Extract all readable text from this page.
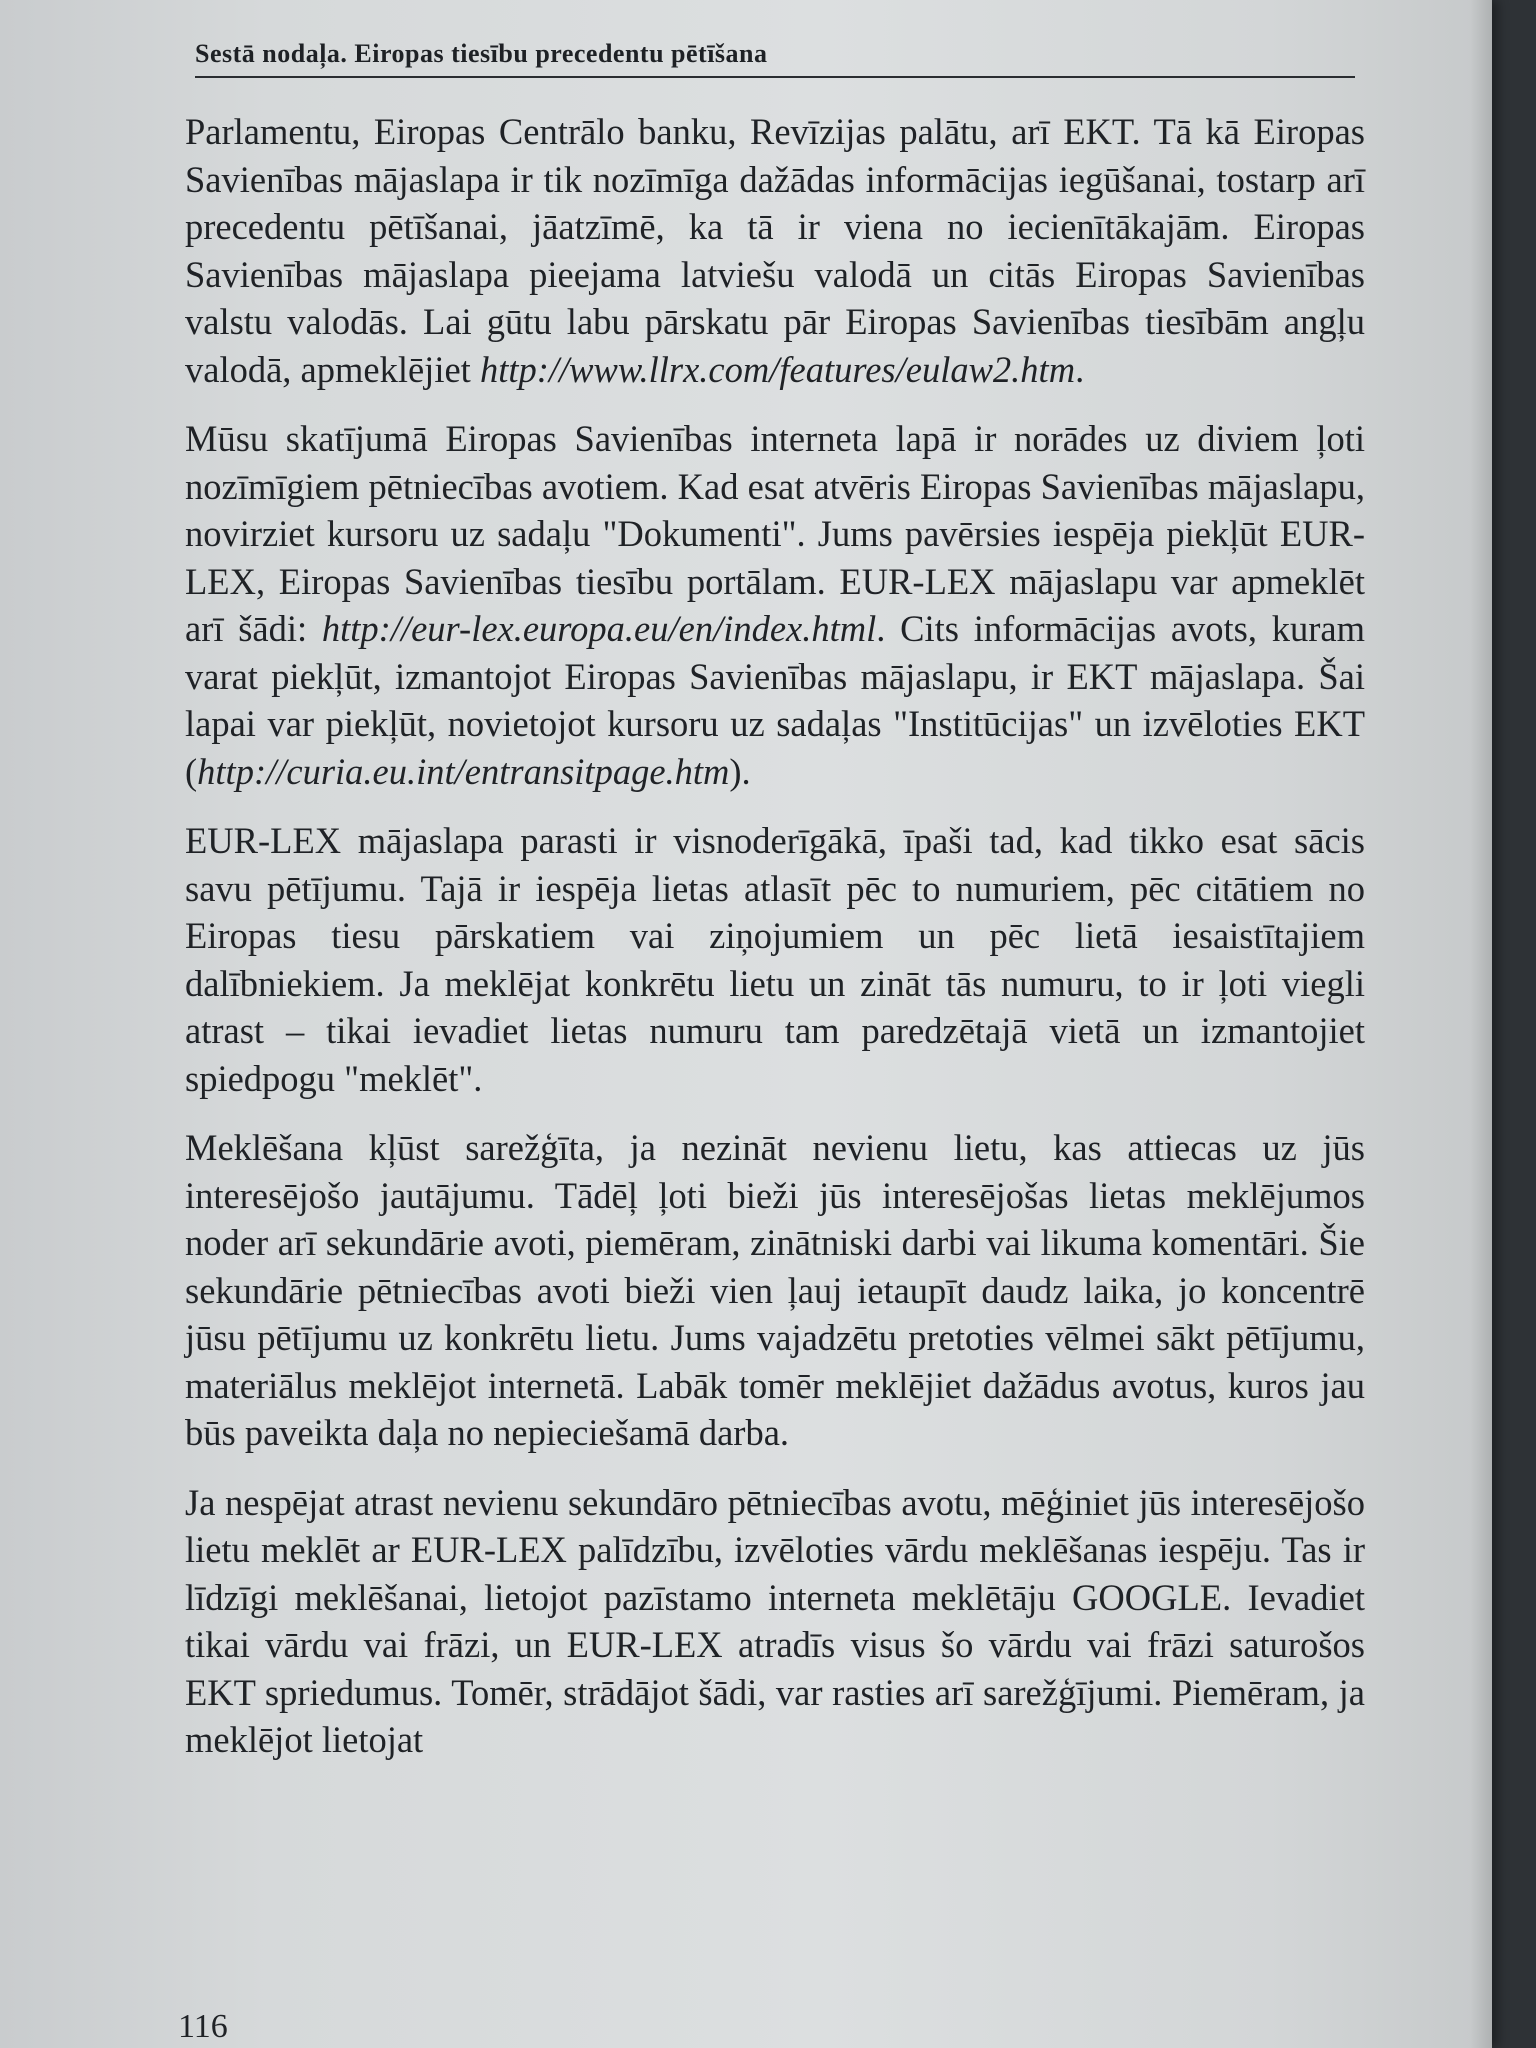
Sestā nodaļa. Eiropas tiesību precedentu pētīšana

Parlamentu, Eiropas Centrālo banku, Revīzijas palātu, arī EKT. Tā kā Eiropas Savienības mājaslapa ir tik nozīmīga dažādas informācijas iegūšanai, tostarp arī precedentu pētīšanai, jāatzīmē, ka tā ir viena no iecienītākajām. Eiropas Savienības mājaslapa pieejama latviešu valodā un citās Eiropas Savienības valstu valodās. Lai gūtu labu pārskatu pār Eiropas Savienības tiesībām angļu valodā, apmeklējiet http://www.llrx.com/features/eulaw2.htm.

Mūsu skatījumā Eiropas Savienības interneta lapā ir norādes uz diviem ļoti nozīmīgiem pētniecības avotiem. Kad esat atvēris Eiropas Savienības mājaslapu, novirziet kursoru uz sadaļu "Dokumenti". Jums pavērsies iespēja piekļūt EUR-LEX, Eiropas Savienības tiesību portālam. EUR-LEX mājaslapu var apmeklēt arī šādi: http://eur-lex.europa.eu/en/index.html. Cits informācijas avots, kuram varat piekļūt, izmantojot Eiropas Savienības mājaslapu, ir EKT mājaslapa. Šai lapai var piekļūt, novietojot kursoru uz sadaļas "Institūcijas" un izvēloties EKT (http://curia.eu.int/entransitpage.htm).

EUR-LEX mājaslapa parasti ir visnoderīgākā, īpaši tad, kad tikko esat sācis savu pētījumu. Tajā ir iespēja lietas atlasīt pēc to numuriem, pēc citātiem no Eiropas tiesu pārskatiem vai ziņojumiem un pēc lietā iesaistītajiem dalībniekiem. Ja meklējat konkrētu lietu un zināt tās numuru, to ir ļoti viegli atrast – tikai ievadiet lietas numuru tam paredzētajā vietā un izmantojiet spiedpogu "meklēt".

Meklēšana kļūst sarežģīta, ja nezināt nevienu lietu, kas attiecas uz jūs interesējošo jautājumu. Tādēļ ļoti bieži jūs interesējošas lietas meklējumos noder arī sekundārie avoti, piemēram, zinātniski darbi vai likuma komentāri. Šie sekundārie pētniecības avoti bieži vien ļauj ietaupīt daudz laika, jo koncentrē jūsu pētījumu uz konkrētu lietu. Jums vajadzētu pretoties vēlmei sākt pētījumu, materiālus meklējot internetā. Labāk tomēr meklējiet dažādus avotus, kuros jau būs paveikta daļa no nepieciešamā darba.

Ja nespējat atrast nevienu sekundāro pētniecības avotu, mēģiniet jūs interesējošo lietu meklēt ar EUR-LEX palīdzību, izvēloties vārdu meklēšanas iespēju. Tas ir līdzīgi meklēšanai, lietojot pazīstamo interneta meklētāju GOOGLE. Ievadiet tikai vārdu vai frāzi, un EUR-LEX atradīs visus šo vārdu vai frāzi saturošos EKT spriedumus. Tomēr, strādājot šādi, var rasties arī sarežģījumi. Piemēram, ja meklējot lietojat

116
